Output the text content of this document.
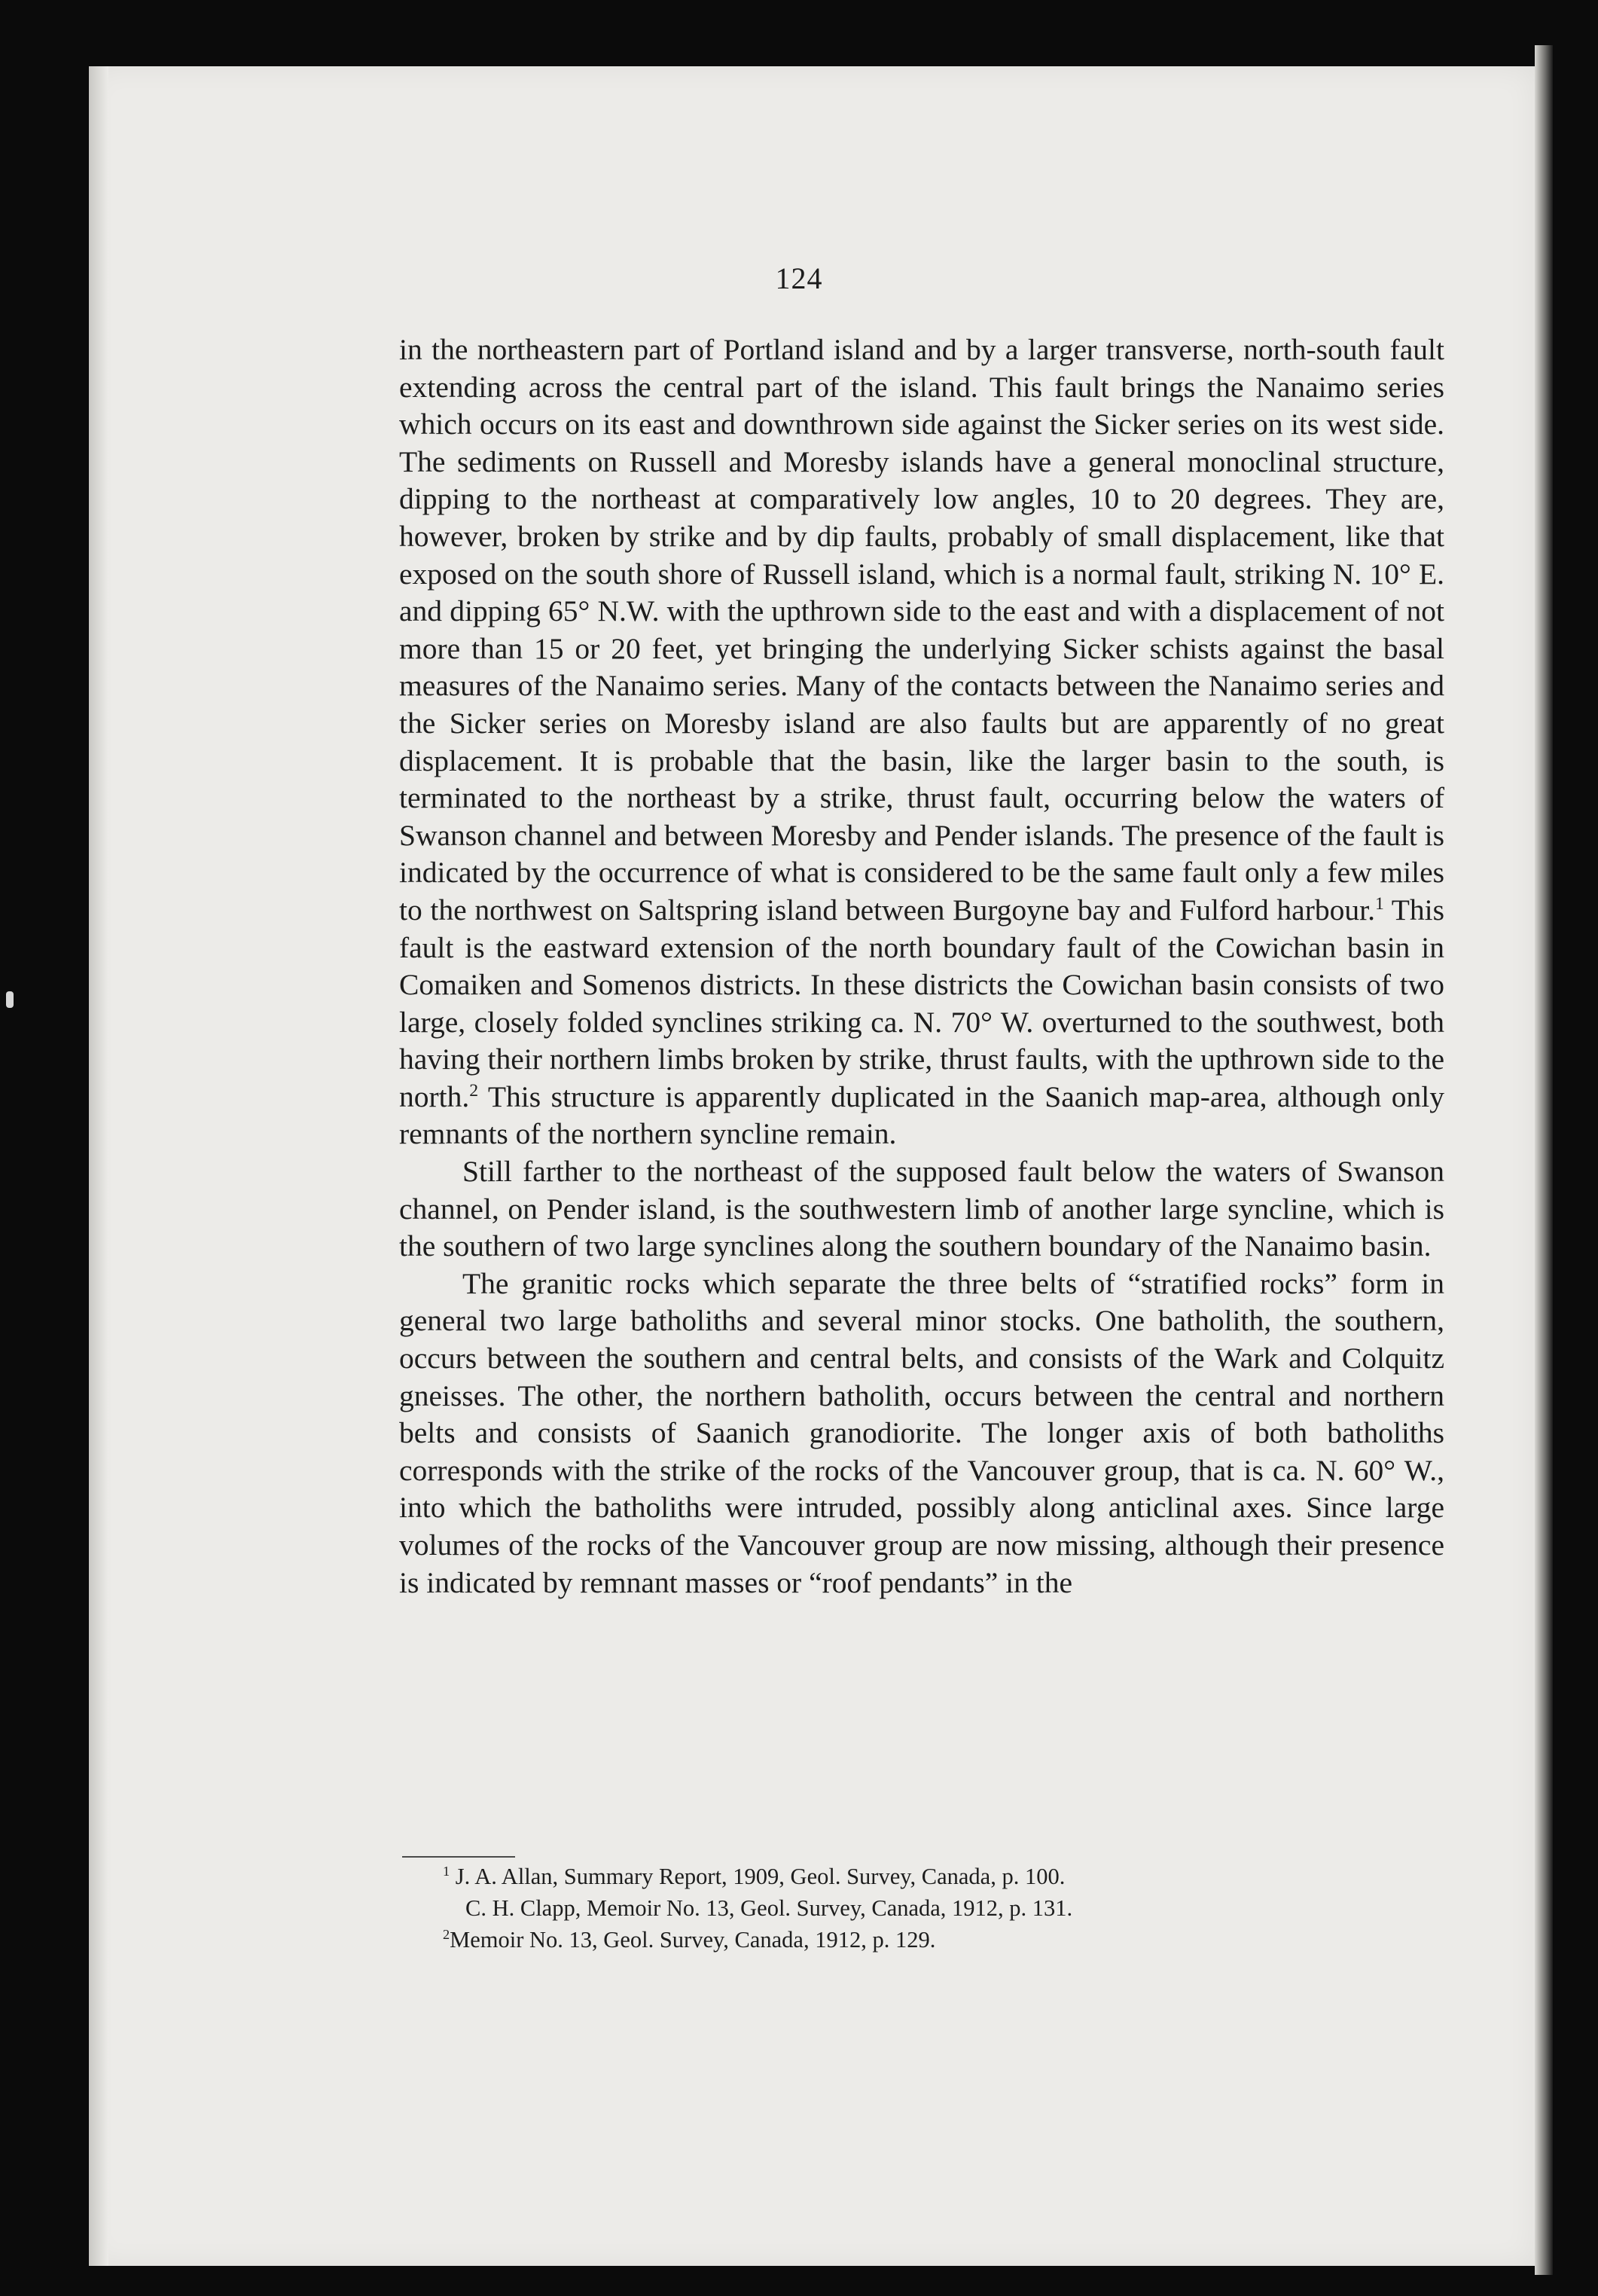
124

in the northeastern part of Portland island and by a larger transverse, north-south fault extending across the central part of the island. This fault brings the Nanaimo series which occurs on its east and downthrown side against the Sicker series on its west side. The sediments on Russell and Moresby islands have a general monoclinal structure, dipping to the northeast at comparatively low angles, 10 to 20 degrees. They are, however, broken by strike and by dip faults, probably of small displacement, like that exposed on the south shore of Russell island, which is a normal fault, striking N. 10° E. and dipping 65° N.W. with the upthrown side to the east and with a displacement of not more than 15 or 20 feet, yet bringing the underlying Sicker schists against the basal measures of the Nanaimo series. Many of the contacts between the Nanaimo series and the Sicker series on Moresby island are also faults but are apparently of no great displacement. It is probable that the basin, like the larger basin to the south, is terminated to the northeast by a strike, thrust fault, occurring below the waters of Swanson channel and between Moresby and Pender islands. The presence of the fault is indicated by the occurrence of what is considered to be the same fault only a few miles to the northwest on Saltspring island between Burgoyne bay and Fulford harbour.$^1$ This fault is the eastward extension of the north boundary fault of the Cowichan basin in Comaiken and Somenos districts. In these districts the Cowichan basin consists of two large, closely folded synclines striking ca. N. 70° W. overturned to the southwest, both having their northern limbs broken by strike, thrust faults, with the upthrown side to the north.$^2$ This structure is apparently duplicated in the Saanich map-area, although only remnants of the northern syncline remain.

Still farther to the northeast of the supposed fault below the waters of Swanson channel, on Pender island, is the southwestern limb of another large syncline, which is the southern of two large synclines along the southern boundary of the Nanaimo basin.

The granitic rocks which separate the three belts of “stratified rocks” form in general two large batholiths and several minor stocks. One batholith, the southern, occurs between the southern and central belts, and consists of the Wark and Colquitz gneisses. The other, the northern batholith, occurs between the central and northern belts and consists of Saanich granodiorite. The longer axis of both batholiths corresponds with the strike of the rocks of the Vancouver group, that is ca. N. 60° W., into which the batholiths were intruded, possibly along anticlinal axes. Since large volumes of the rocks of the Vancouver group are now missing, although their presence is indicated by remnant masses or “roof pendants” in the

$^1$ J. A. Allan, Summary Report, 1909, Geol. Survey, Canada, p. 100.
C. H. Clapp, Memoir No. 13, Geol. Survey, Canada, 1912, p. 131.
$^2$Memoir No. 13, Geol. Survey, Canada, 1912, p. 129.
